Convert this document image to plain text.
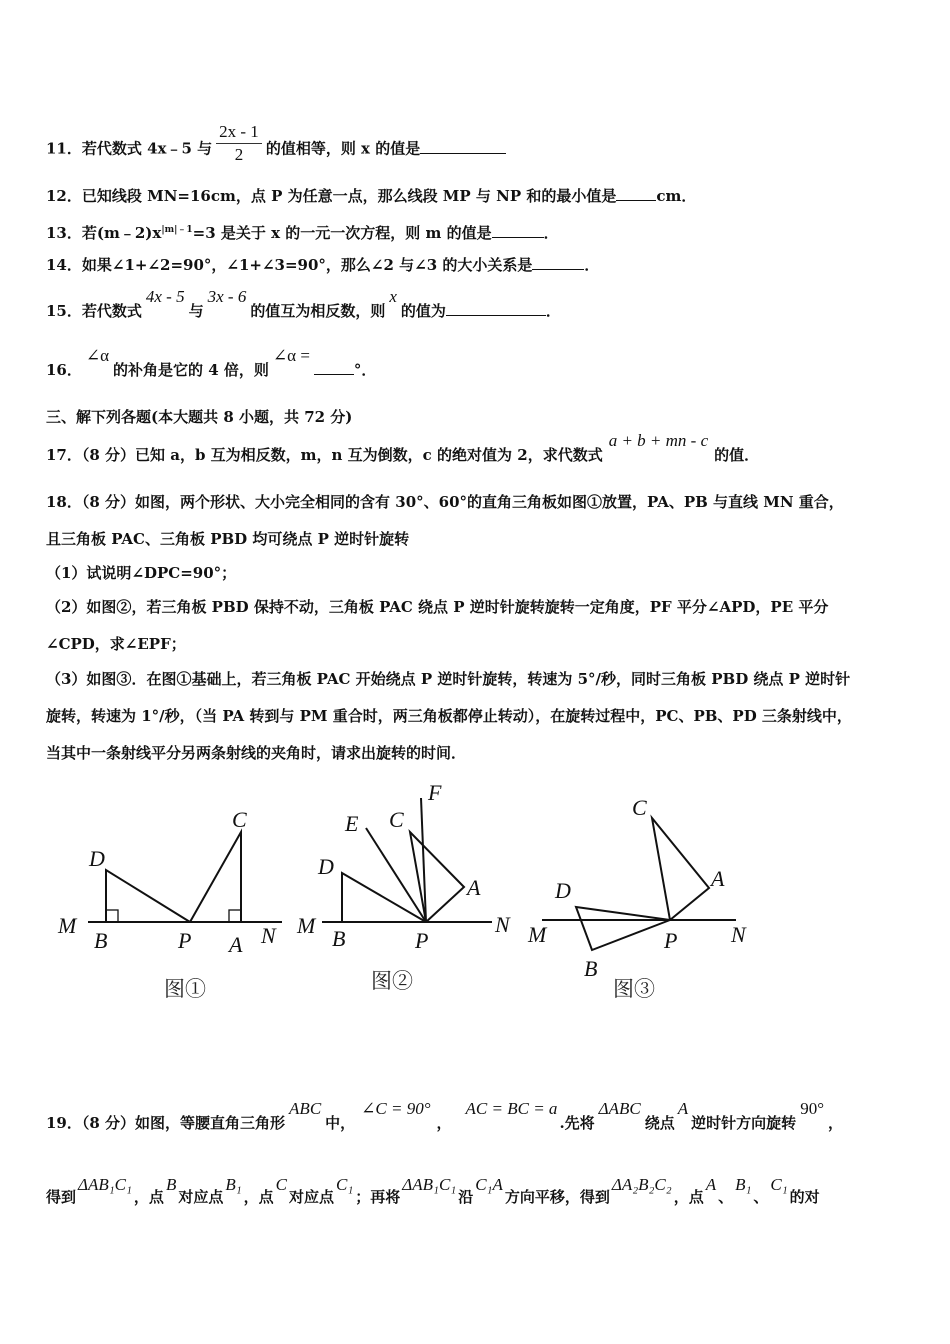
11．若代数式 4x﹣5 与 $\frac{2x - 1}{2}$ 的值相等，则 x 的值是
12．已知线段 MN=16cm，点 P 为任意一点，那么线段 MP 与 NP 和的最小值是	cm．
13．若$(m﹣2)x^{|m|﹣1}=3$ 是关于 x 的一元一次方程，则 m 的值是	．
14．如果∠1+∠2=90°，∠1+∠3=90°，那么∠2 与∠3 的大小关系是	．
15．若代数式4x - 5与3x - 6的值互为相反数，则x的值为	．
16．∠α的补角是它的 4 倍，则∠α =°．
三、解下列各题(本大题共 8 小题，共 72 分)
17．（8 分）已知 a，b 互为相反数，m，n 互为倒数，c 的绝对值为 2，求代数式a + b + mn - c的值．
18．（8 分）如图，两个形状、大小完全相同的含有 30°、60°的直角三角板如图①放置，PA、PB 与直线 MN 重合，
且三角板 PAC、三角板 PBD 均可绕点 P 逆时针旋转
（1）试说明∠DPC=90°；
（2）如图②，若三角板 PBD 保持不动，三角板 PAC 绕点 P 逆时针旋转旋转一定角度，PF 平分∠APD，PE 平分
∠CPD，求∠EPF；
（3）如图③．在图①基础上，若三角板 PAC 开始绕点 P 逆时针旋转，转速为 5°/秒，同时三角板 PBD 绕点 P 逆时针
旋转，转速为 1°/秒，（当 PA 转到与 PM 重合时，两三角板都停止转动），在旋转过程中，PC、PB、PD 三条射线中，
当其中一条射线平分另两条射线的夹角时，请求出旋转的时间．
M
B	P A N
D
C
图①
M
B	P
N
D
E C
F
A
图②
M	P N
D
B
C
A
图③
19．（8 分）如图，等腰直角三角形ABC中，∠C = 90°，AC = BC = a.先将ΔABC绕点A逆时针方向旋转90°，
得到ΔAB₁C₁，点B对应点B₁，点C对应点C₁；再将ΔAB₁C₁沿C₁A方向平移，得到ΔA₂B₂C₂，点A、B₁、C₁的对
